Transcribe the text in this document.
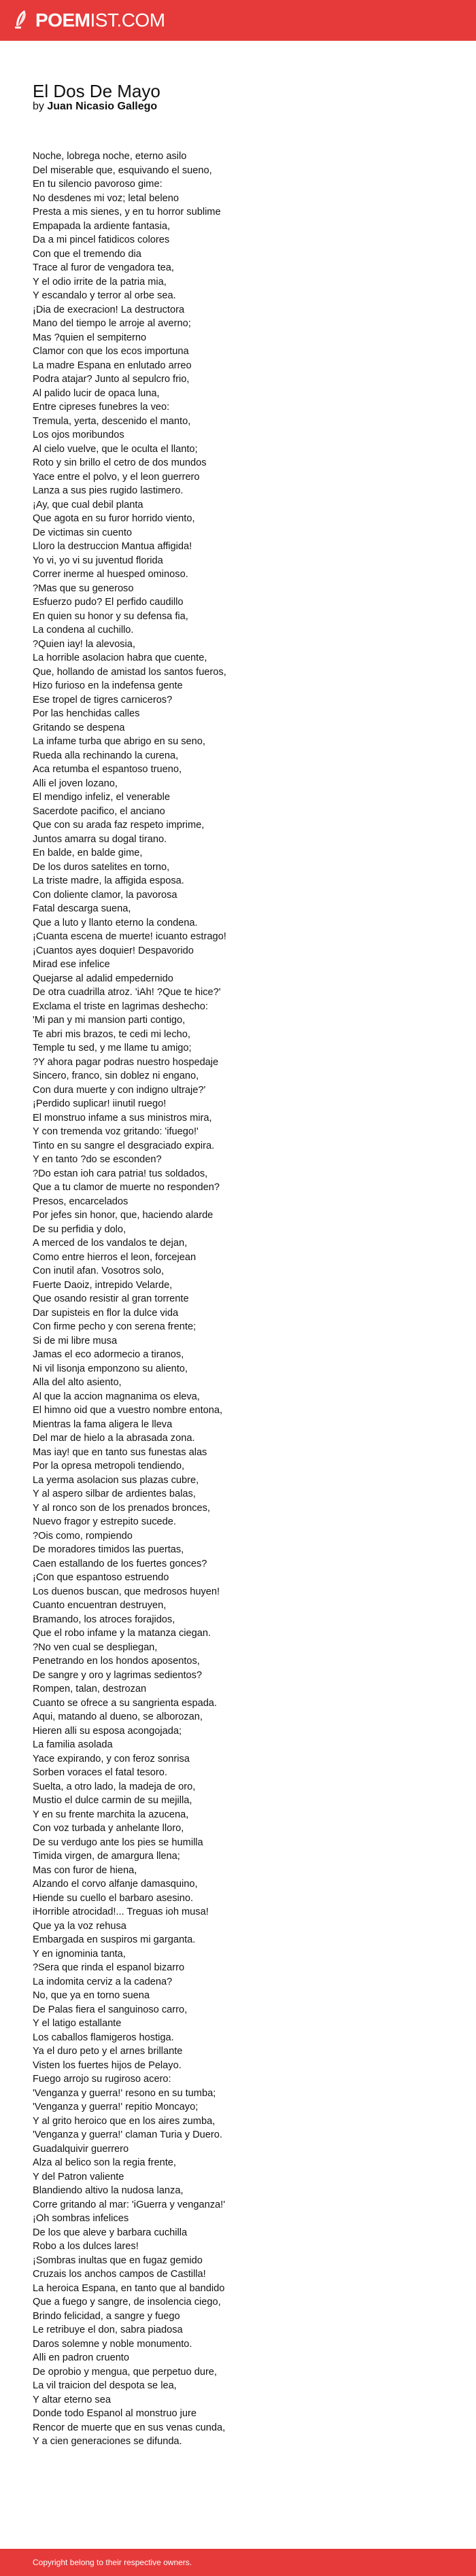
POEMIST.COM
El Dos De Mayo
by Juan Nicasio Gallego
Noche, lobrega noche, eterno asilo
Del miserable que, esquivando el sueno,
En tu silencio pavoroso gime:
No desdenes mi voz; letal beleno
Presta a mis sienes, y en tu horror sublime
Empapada la ardiente fantasia,
Da a mi pincel fatidicos colores
Con que el tremendo dia
Trace al furor de vengadora tea,
Y el odio irrite de la patria mia,
Y escandalo y terror al orbe sea.
¡Dia de execracion! La destructora
Mano del tiempo le arroje al averno;
Mas ?quien el sempiterno
Clamor con que los ecos importuna
La madre Espana en enlutado arreo
Podra atajar? Junto al sepulcro frio,
Al palido lucir de opaca luna,
Entre cipreses funebres la veo:
Tremula, yerta, descenido el manto,
Los ojos moribundos
Al cielo vuelve, que le oculta el llanto;
Roto y sin brillo el cetro de dos mundos
Yace entre el polvo, y el leon guerrero
Lanza a sus pies rugido lastimero.
¡Ay, que cual debil planta
Que agota en su furor horrido viento,
De victimas sin cuento
Lloro la destruccion Mantua affigida!
Yo vi, yo vi su juventud florida
Correr inerme al huesped ominoso.
?Mas que su generoso
Esfuerzo pudo? El perfido caudillo
En quien su honor y su defensa fia,
La condena al cuchillo.
?Quien iay! la alevosia,
La horrible asolacion habra que cuente,
Que, hollando de amistad los santos fueros,
Hizo furioso en la indefensa gente
Ese tropel de tigres carniceros?
Por las henchidas calles
Gritando se despena
La infame turba que abrigo en su seno,
Rueda alla rechinando la curena,
Aca retumba el espantoso trueno,
Alli el joven lozano,
El mendigo infeliz, el venerable
Sacerdote pacifico, el anciano
Que con su arada faz respeto imprime,
Juntos amarra su dogal tirano.
En balde, en balde gime,
De los duros satelites en torno,
La triste madre, la affigida esposa.
Con doliente clamor, la pavorosa
Fatal descarga suena,
Que a luto y llanto eterno la condena.
¡Cuanta escena de muerte! icuanto estrago!
¡Cuantos ayes doquier! Despavorido
Mirad ese infelice
Quejarse al adalid empedernido
De otra cuadrilla atroz. 'iAh! ?Que te hice?'
Exclama el triste en lagrimas deshecho:
'Mi pan y mi mansion parti contigo,
Te abri mis brazos, te cedi mi lecho,
Temple tu sed, y me llame tu amigo;
?Y ahora pagar podras nuestro hospedaje
Sincero, franco, sin doblez ni engano,
Con dura muerte y con indigno ultraje?'
¡Perdido suplicar! iinutil ruego!
El monstruo infame a sus ministros mira,
Y con tremenda voz gritando: 'ifuego!'
Tinto en su sangre el desgraciado expira.
Y en tanto ?do se esconden?
?Do estan ioh cara patria! tus soldados,
Que a tu clamor de muerte no responden?
Presos, encarcelados
Por jefes sin honor, que, haciendo alarde
De su perfidia y dolo,
A merced de los vandalos te dejan,
Como entre hierros el leon, forcejean
Con inutil afan. Vosotros solo,
Fuerte Daoiz, intrepido Velarde,
Que osando resistir al gran torrente
Dar supisteis en flor la dulce vida
Con firme pecho y con serena frente;
Si de mi libre musa
Jamas el eco adormecio a tiranos,
Ni vil lisonja emponzono su aliento,
Alla del alto asiento,
Al que la accion magnanima os eleva,
El himno oid que a vuestro nombre entona,
Mientras la fama aligera le lleva
Del mar de hielo a la abrasada zona.
Mas iay! que en tanto sus funestas alas
Por la opresa metropoli tendiendo,
La yerma asolacion sus plazas cubre,
Y al aspero silbar de ardientes balas,
Y al ronco son de los prenados bronces,
Nuevo fragor y estrepito sucede.
?Ois como, rompiendo
De moradores timidos las puertas,
Caen estallando de los fuertes gonces?
¡Con que espantoso estruendo
Los duenos buscan, que medrosos huyen!
Cuanto encuentran destruyen,
Bramando, los atroces forajidos,
Que el robo infame y la matanza ciegan.
?No ven cual se despliegan,
Penetrando en los hondos aposentos,
De sangre y oro y lagrimas sedientos?
Rompen, talan, destrozan
Cuanto se ofrece a su sangrienta espada.
Aqui, matando al dueno, se alborozan,
Hieren alli su esposa acongojada;
La familia asolada
Yace expirando, y con feroz sonrisa
Sorben voraces el fatal tesoro.
Suelta, a otro lado, la madeja de oro,
Mustio el dulce carmin de su mejilla,
Y en su frente marchita la azucena,
Con voz turbada y anhelante lloro,
De su verdugo ante los pies se humilla
Timida virgen, de amargura llena;
Mas con furor de hiena,
Alzando el corvo alfanje damasquino,
Hiende su cuello el barbaro asesino.
iHorrible atrocidad!... Treguas ioh musa!
Que ya la voz rehusa
Embargada en suspiros mi garganta.
Y en ignominia tanta,
?Sera que rinda el espanol bizarro
La indomita cerviz a la cadena?
No, que ya en torno suena
De Palas fiera el sanguinoso carro,
Y el latigo estallante
Los caballos flamigeros hostiga.
Ya el duro peto y el arnes brillante
Visten los fuertes hijos de Pelayo.
Fuego arrojo su rugiroso acero:
'Venganza y guerra!' resono en su tumba;
'Venganza y guerra!' repitio Moncayo;
Y al grito heroico que en los aires zumba,
'Venganza y guerra!' claman Turia y Duero.
Guadalquivir guerrero
Alza al belico son la regia frente,
Y del Patron valiente
Blandiendo altivo la nudosa lanza,
Corre gritando al mar: 'iGuerra y venganza!'
¡Oh sombras infelices
De los que aleve y barbara cuchilla
Robo a los dulces lares!
¡Sombras inultas que en fugaz gemido
Cruzais los anchos campos de Castilla!
La heroica Espana, en tanto que al bandido
Que a fuego y sangre, de insolencia ciego,
Brindo felicidad, a sangre y fuego
Le retribuye el don, sabra piadosa
Daros solemne y noble monumento.
Alli en padron cruento
De oprobio y mengua, que perpetuo dure,
La vil traicion del despota se lea,
Y altar eterno sea
Donde todo Espanol al monstruo jure
Rencor de muerte que en sus venas cunda,
Y a cien generaciones se difunda.
Copyright belong to their respective owners.
